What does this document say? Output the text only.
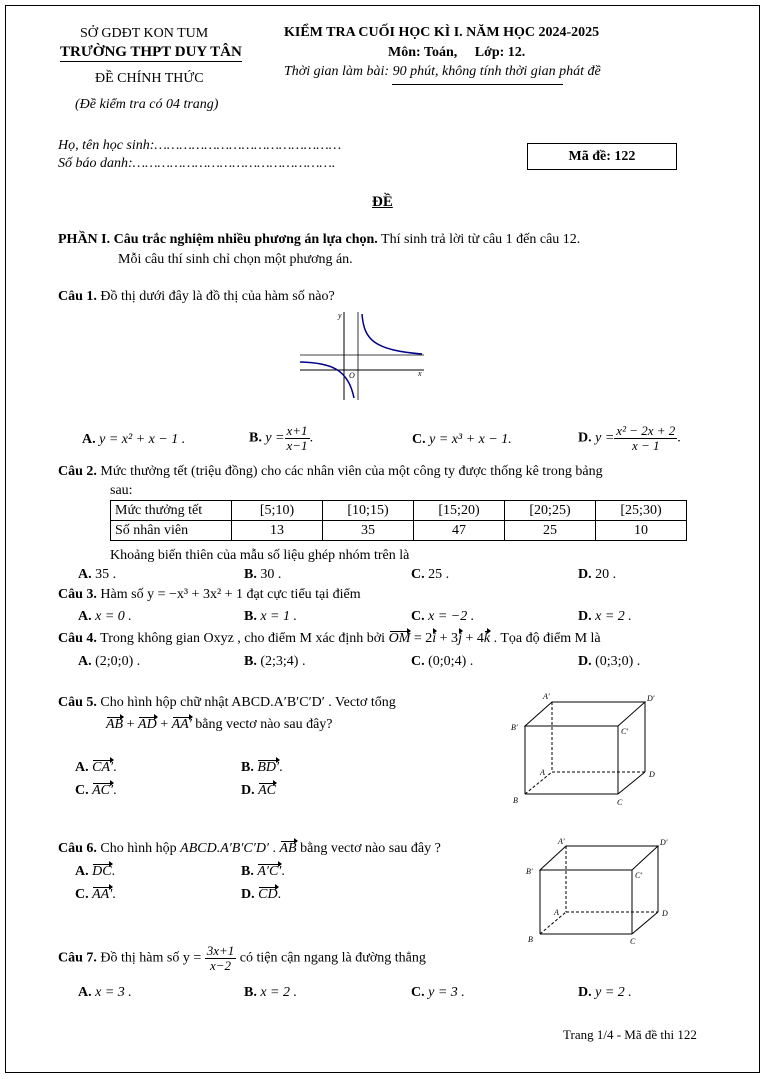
SỞ GDĐT KON TUM
TRƯỜNG THPT DUY TÂN
ĐỀ CHÍNH THỨC
(Đề kiểm tra có 04 trang)
KIỂM TRA CUỐI HỌC KÌ I. NĂM HỌC 2024-2025
Môn: Toán,     Lớp: 12.
Thời gian làm bài: 90 phút, không tính thời gian phát đề
Họ, tên học sinh:………………………………………
Số báo danh:………………………………………….	Mã đề: 122
ĐỀ
PHẦN I. Câu trắc nghiệm nhiều phương án lựa chọn. Thí sinh trả lời từ câu 1 đến câu 12.
Mỗi câu thí sinh chỉ chọn một phương án.
Câu 1. Đồ thị dưới đây là đồ thị của hàm số nào?
y
x
O
A. y = x² + x − 1 .	B. $y = \frac{x+1}{x-1}$ .	C. y = x³ + x − 1.	D. $y = \frac{\text{x² − 2x + 2}}{x - 1}$ .
Câu 2. Mức thưởng tết (triệu đồng) cho các nhân viên của một công ty được thống kê trong bảng
sau:
Mức thưởng tết	[5;10)	[10;15)	[15;20)	[20;25)	[25;30)
Số nhân viên	13	35	47	25	10
Khoảng biến thiên của mẫu số liệu ghép nhóm trên là
A. 35 .	B. 30 .	C. 25 .	D. 20 .
Câu 3. Hàm số y = −x³ + 3x² + 1 đạt cực tiểu tại điểm
A. x = 0 .	B. x = 1 .	C. x = −2 .	D. x = 2 .
Câu 4. Trong không gian Oxyz , cho điểm M xác định bởi OM = 2i + 3j + 4k . Tọa độ điểm M là
A. (2;0;0) .	B. (2;3;4) .	C. (0;0;4) .	D. (0;3;0) .
Câu 5. Cho hình hộp chữ nhật ABCD.A′B′C′D′ . Vectơ tổng
AB + AD + AA′ bằng vectơ nào sau đây?
A. CA′.	B. BD′.
C. AC′.	D. AC
A′	D′
B′	C′
A	D
B	C
Câu 6. Cho hình hộp ABCD.A′B′C′D′ . AB bằng vectơ nào sau đây ?
A. DC.	B. A′C′.
C. AA′.	D. CD.
A′	D′
B′	C′
A	D
B	C
Câu 7. Đồ thị hàm số $y = \frac{3x+1}{x-2}$ có tiện cận ngang là đường thẳng
A. x = 3 .	B. x = 2 .	C. y = 3 .	D. y = 2 .
Trang 1/4 - Mã đề thi 122
